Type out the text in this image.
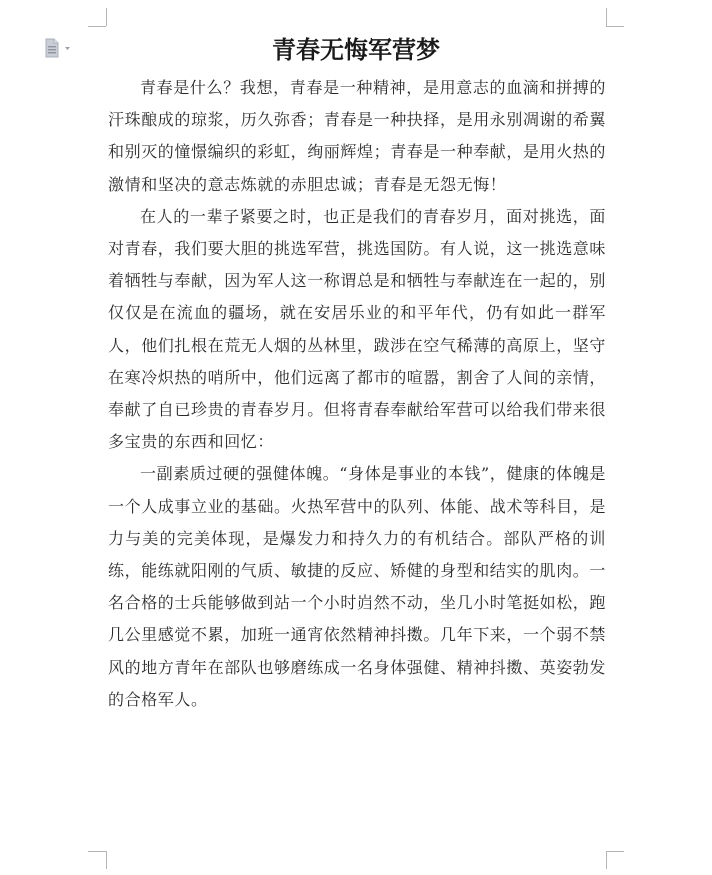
青春无悔军营梦

青春是什么？我想，青春是一种精神，是用意志的血滴和拼搏的汗珠酿成的琼浆，历久弥香；青春是一种抉择，是用永别凋谢的希翼和别灭的憧憬编织的彩虹，绚丽辉煌；青春是一种奉献，是用火热的激情和坚决的意志炼就的赤胆忠诚；青春是无怨无悔！

在人的一辈子紧要之时，也正是我们的青春岁月，面对挑选，面对青春，我们要大胆的挑选军营，挑选国防。有人说，这一挑选意味着牺牲与奉献，因为军人这一称谓总是和牺牲与奉献连在一起的，别仅仅是在流血的疆场，就在安居乐业的和平年代，仍有如此一群军人，他们扎根在荒无人烟的丛林里，跋涉在空气稀薄的高原上，坚守在寒冷炽热的哨所中，他们远离了都市的喧嚣，割舍了人间的亲情，奉献了自已珍贵的青春岁月。但将青春奉献给军营可以给我们带来很多宝贵的东西和回忆：

一副素质过硬的强健体魄。“身体是事业的本钱”，健康的体魄是一个人成事立业的基础。火热军营中的队列、体能、战术等科目，是力与美的完美体现，是爆发力和持久力的有机结合。部队严格的训练，能练就阳刚的气质、敏捷的反应、矫健的身型和结实的肌肉。一名合格的士兵能够做到站一个小时岿然不动，坐几小时笔挺如松，跑几公里感觉不累，加班一通宵依然精神抖擞。几年下来，一个弱不禁风的地方青年在部队也够磨练成一名身体强健、精神抖擞、英姿勃发的合格军人。
